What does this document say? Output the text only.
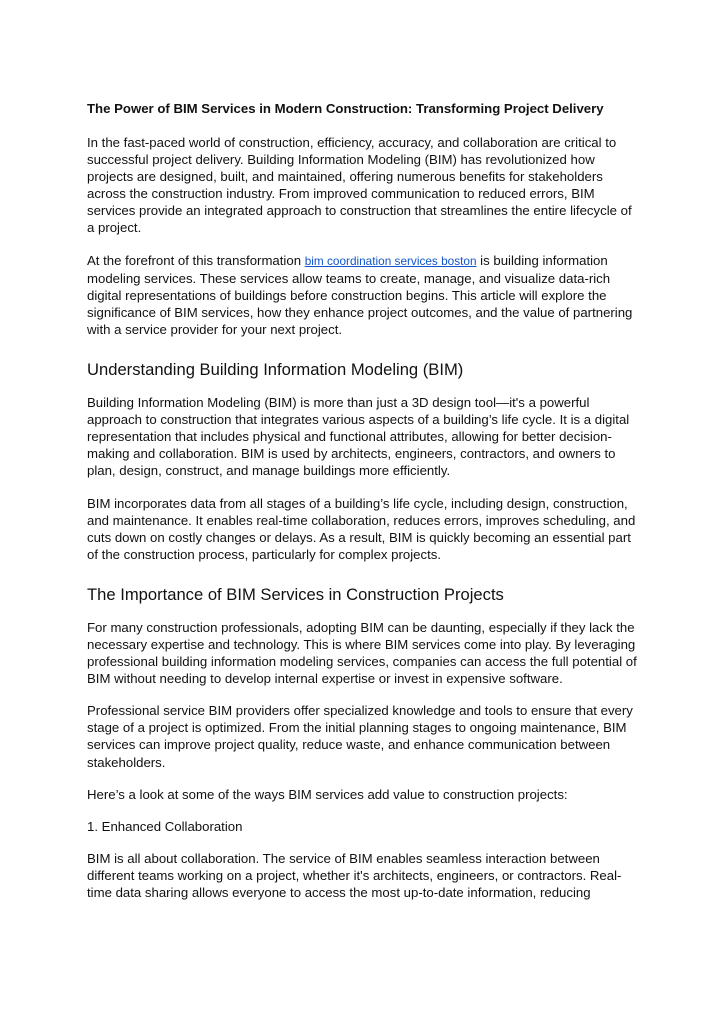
The Power of BIM Services in Modern Construction: Transforming Project Delivery

In the fast-paced world of construction, efficiency, accuracy, and collaboration are critical to successful project delivery. Building Information Modeling (BIM) has revolutionized how projects are designed, built, and maintained, offering numerous benefits for stakeholders across the construction industry. From improved communication to reduced errors, BIM services provide an integrated approach to construction that streamlines the entire lifecycle of a project.

At the forefront of this transformation bim coordination services boston is building information modeling services. These services allow teams to create, manage, and visualize data-rich digital representations of buildings before construction begins. This article will explore the significance of BIM services, how they enhance project outcomes, and the value of partnering with a service provider for your next project.

Understanding Building Information Modeling (BIM)

Building Information Modeling (BIM) is more than just a 3D design tool—it's a powerful approach to construction that integrates various aspects of a building’s life cycle. It is a digital representation that includes physical and functional attributes, allowing for better decision-making and collaboration. BIM is used by architects, engineers, contractors, and owners to plan, design, construct, and manage buildings more efficiently.

BIM incorporates data from all stages of a building’s life cycle, including design, construction, and maintenance. It enables real-time collaboration, reduces errors, improves scheduling, and cuts down on costly changes or delays. As a result, BIM is quickly becoming an essential part of the construction process, particularly for complex projects.

The Importance of BIM Services in Construction Projects

For many construction professionals, adopting BIM can be daunting, especially if they lack the necessary expertise and technology. This is where BIM services come into play. By leveraging professional building information modeling services, companies can access the full potential of BIM without needing to develop internal expertise or invest in expensive software.

Professional service BIM providers offer specialized knowledge and tools to ensure that every stage of a project is optimized. From the initial planning stages to ongoing maintenance, BIM services can improve project quality, reduce waste, and enhance communication between stakeholders.

Here’s a look at some of the ways BIM services add value to construction projects:

1. Enhanced Collaboration

BIM is all about collaboration. The service of BIM enables seamless interaction between different teams working on a project, whether it's architects, engineers, or contractors. Real-time data sharing allows everyone to access the most up-to-date information, reducing
